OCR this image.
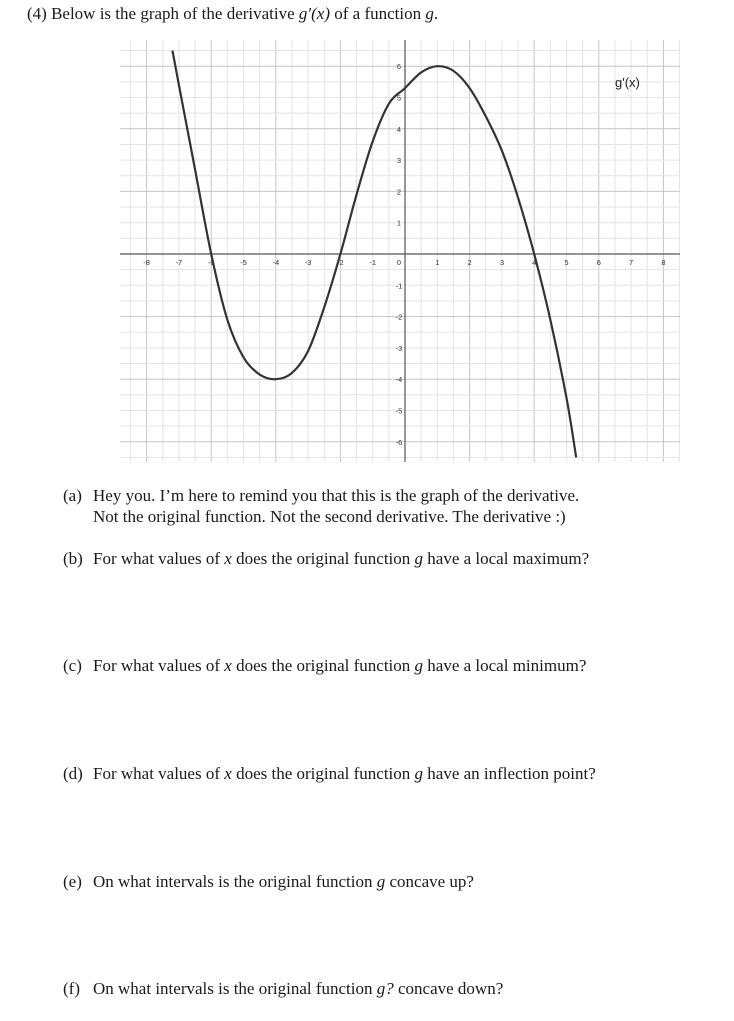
(4) Below is the graph of the derivative g′(x) of a function g.
-8	-7	-6	-5	-4	-3	-2	-1	0	1	2	3	4	5	6	7	8
-6
-5
-4
-3
-2
-1
1
2
3
4
5
6
g'(x)
(a) Hey you. I’m here to remind you that this is the graph of the derivative.
Not the original function. Not the second derivative. The derivative :)
(b) For what values of x does the original function g have a local maximum?
(c) For what values of x does the original function g have a local minimum?
(d) For what values of x does the original function g have an inflection point?
(e) On what intervals is the original function g concave up?
(f) On what intervals is the original function g? concave down?
